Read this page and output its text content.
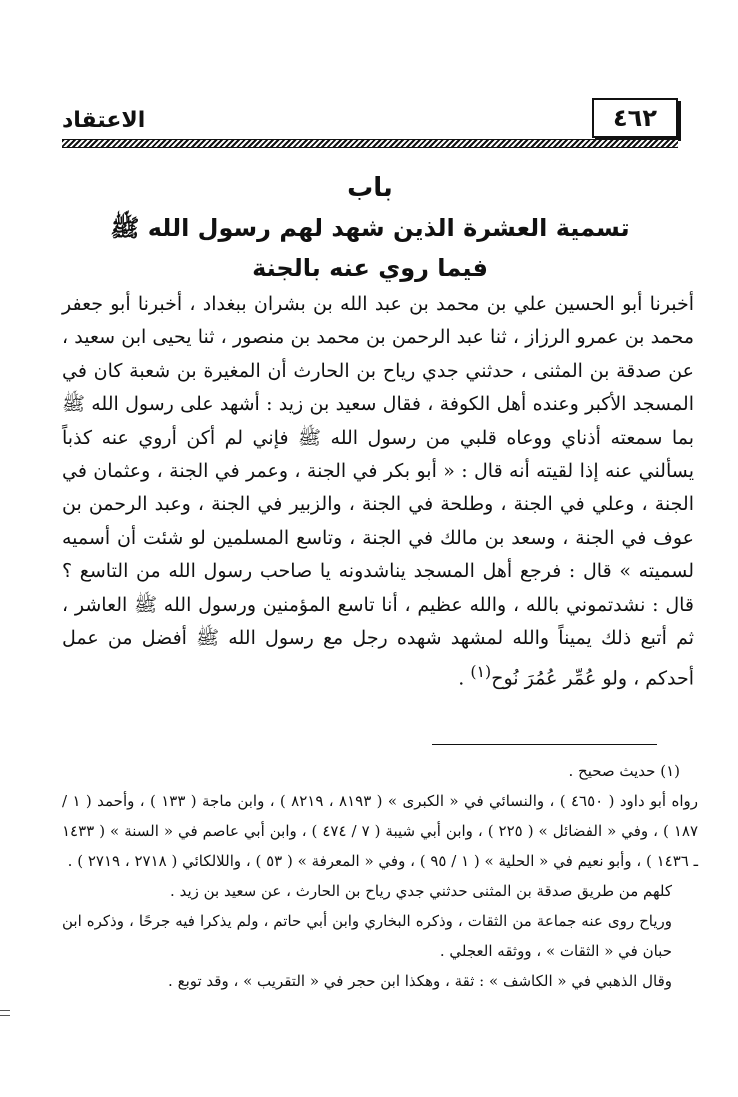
الاعتقاد	٤٦٢
باب
تسمية العشرة الذين شهد لهم رسول الله ﷺ
فيما روي عنه بالجنة
أخبرنا أبو الحسين علي بن محمد بن عبد الله بن بشران ببغداد ، أخبرنا أبو جعفر محمد بن عمرو الرزاز ، ثنا عبد الرحمن بن محمد بن منصور ، ثنا يحيى ابن سعيد ، عن صدقة بن المثنى ، حدثني جدي رياح بن الحارث أن المغيرة بن شعبة كان في المسجد الأكبر وعنده أهل الكوفة ، فقال سعيد بن زيد : أشهد على رسول الله ﷺ بما سمعته أذناي ووعاه قلبي من رسول الله ﷺ فإني لم أكن أروي عنه كذباً يسألني عنه إذا لقيته أنه قال : « أبو بكر في الجنة ، وعمر في الجنة ، وعثمان في الجنة ، وعلي في الجنة ، وطلحة في الجنة ، والزبير في الجنة ، وعبد الرحمن بن عوف في الجنة ، وسعد بن مالك في الجنة ، وتاسع المسلمين لو شئت أن أسميه لسميته » قال : فرجع أهل المسجد يناشدونه يا صاحب رسول الله من التاسع ؟ قال : نشدتموني بالله ، والله عظيم ، أنا تاسع المؤمنين ورسول الله ﷺ العاشر ، ثم أتبع ذلك يميناً والله لمشهد شهده رجل مع رسول الله ﷺ أفضل من عمل أحدكم ، ولو عُمِّر عُمُرَ نُوح$^{(١)}$ .

(١) حديث صحيح .

رواه أبو داود ( ٤٦٥٠ ) ، والنسائي في « الكبرى » ( ٨١٩٣ ، ٨٢١٩ ) ، وابن ماجة ( ١٣٣ ) ، وأحمد ( ١ / ١٨٧ ) ، وفي « الفضائل » ( ٢٢٥ ) ، وابن أبي شيبة ( ٧ / ٤٧٤ ) ، وابن أبي عاصم في « السنة » ( ١٤٣٣ ـ ١٤٣٦ ) ، وأبو نعيم في « الحلية » ( ١ / ٩٥ ) ، وفي « المعرفة » ( ٥٣ ) ، واللالكائي ( ٢٧١٨ ، ٢٧١٩ ) .

كلهم من طريق صدقة بن المثنى حدثني جدي رياح بن الحارث ، عن سعيد بن زيد .

ورياح روى عنه جماعة من الثقات ، وذكره البخاري وابن أبي حاتم ، ولم يذكرا فيه جرحًا ، وذكره ابن حبان في « الثقات » ، ووثقه العجلي .

وقال الذهبي في « الكاشف » : ثقة ، وهكذا ابن حجر في « التقريب » ، وقد توبع .
